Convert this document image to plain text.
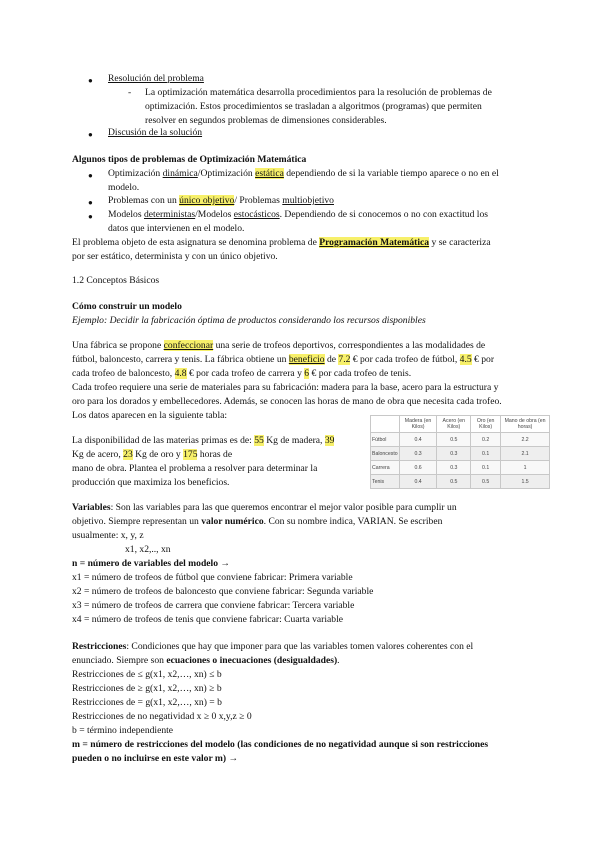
● Resolución del problema
- La optimización matemática desarrolla procedimientos para la resolución de problemas de
optimización. Estos procedimientos se trasladan a algoritmos (programas) que permiten
resolver en segundos problemas de dimensiones considerables.
● Discusión de la solución
Algunos tipos de problemas de Optimización Matemática
● Optimización dinámica/Optimización estática dependiendo de si la variable tiempo aparece o no en el
modelo.
● Problemas con un único objetivo/ Problemas multiobjetivo
● Modelos deterministas/Modelos estocásticos. Dependiendo de si conocemos o no con exactitud los
datos que intervienen en el modelo.
El problema objeto de esta asignatura se denomina problema de Programación Matemática y se caracteriza
por ser estático, determinista y con un único objetivo.
1.2 Conceptos Básicos
Cómo construir un modelo
Ejemplo: Decidir la fabricación óptima de productos considerando los recursos disponibles
Una fábrica se propone confeccionar una serie de trofeos deportivos, correspondientes a las modalidades de
fútbol, baloncesto, carrera y tenis. La fábrica obtiene un beneficio de 7.2 € por cada trofeo de fútbol, 4.5 € por
cada trofeo de baloncesto, 4.8 € por cada trofeo de carrera y 6 € por cada trofeo de tenis.
Cada trofeo requiere una serie de materiales para su fabricación: madera para la base, acero para la estructura y
oro para los dorados y embellecedores. Además, se conocen las horas de mano de obra que necesita cada trofeo.
Los datos aparecen en la siguiente tabla:
		Madera (en Kilos)	Acero (en Kilos)	Oro (en Kilos)	Mano de obra (en horas)
Fútbol	0.4	0.5	0.2	2.2
Baloncesto	0.3	0.3	0.1	2.1
Carrera	0.6	0.3	0.1	1
Tenis	0.4	0.5	0.5	1.5
La disponibilidad de las materias primas es de: 55 Kg de madera, 39
Kg de acero, 23 Kg de oro y 175 horas de
mano de obra. Plantea el problema a resolver para determinar la
producción que maximiza los beneficios.
Variables: Son las variables para las que queremos encontrar el mejor valor posible para cumplir un
objetivo. Siempre representan un valor numérico. Con su nombre indica, VARIAN. Se escriben
usualmente: x, y, z
x1, x2,.., xn
n = número de variables del modelo →
x1 = número de trofeos de fútbol que conviene fabricar: Primera variable
x2 = número de trofeos de baloncesto que conviene fabricar: Segunda variable
x3 = número de trofeos de carrera que conviene fabricar: Tercera variable
x4 = número de trofeos de tenis que conviene fabricar: Cuarta variable
Restricciones: Condiciones que hay que imponer para que las variables tomen valores coherentes con el
enunciado. Siempre son ecuaciones o inecuaciones (desigualdades).
Restricciones de ≤ g(x1, x2,…, xn) ≤ b
Restricciones de ≥ g(x1, x2,…, xn) ≥ b
Restricciones de = g(x1, x2,…, xn) = b
Restricciones de no negatividad x ≥ 0 x,y,z ≥ 0
b = término independiente
m = número de restricciones del modelo (las condiciones de no negatividad aunque si son restricciones
pueden o no incluirse en este valor m) →
